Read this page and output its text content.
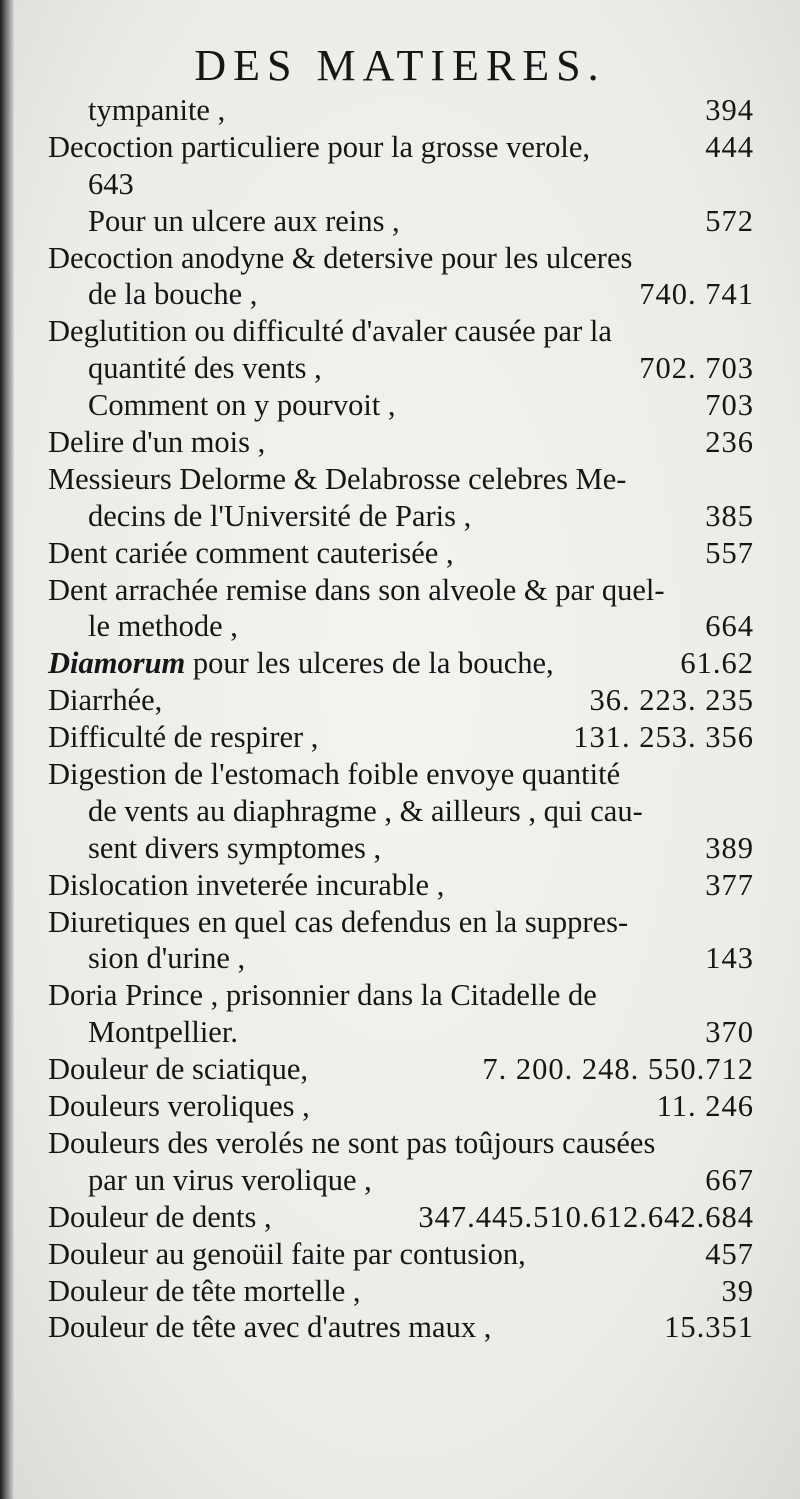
DES MATIERES.
tympanite ,	394
Decoction particuliere pour la grosse verole,	444
643
Pour un ulcere aux reins ,	572
Decoction anodyne & detersive pour les ulceres
de la bouche ,	740. 741
Deglutition ou difficulté d'avaler causée par la
quantité des vents ,	702. 703
Comment on y pourvoit ,	703
Delire d'un mois ,	236
Messieurs Delorme & Delabrosse celebres Me-
decins de l'Université de Paris ,	385
Dent cariée comment cauterisée ,	557
Dent arrachée remise dans son alveole & par quel-
le methode ,	664
Diamorum pour les ulceres de la bouche,	61.62
Diarrhée,	36. 223. 235
Difficulté de respirer ,	131. 253. 356
Digestion de l'estomach foible envoye quantité
de vents au diaphragme , & ailleurs , qui cau-
sent divers symptomes ,	389
Dislocation inveterée incurable ,	377
Diuretiques en quel cas defendus en la suppres-
sion d'urine ,	143
Doria Prince , prisonnier dans la Citadelle de
Montpellier.	370
Douleur de sciatique,	7. 200. 248. 550.712
Douleurs veroliques ,	11. 246
Douleurs des verolés ne sont pas toûjours causées
par un virus verolique ,	667
Douleur de dents ,	347.445.510.612.642.684
Douleur au genoüil faite par contusion,	457
Douleur de tête mortelle ,	39
Douleur de tête avec d'autres maux ,	15.351
